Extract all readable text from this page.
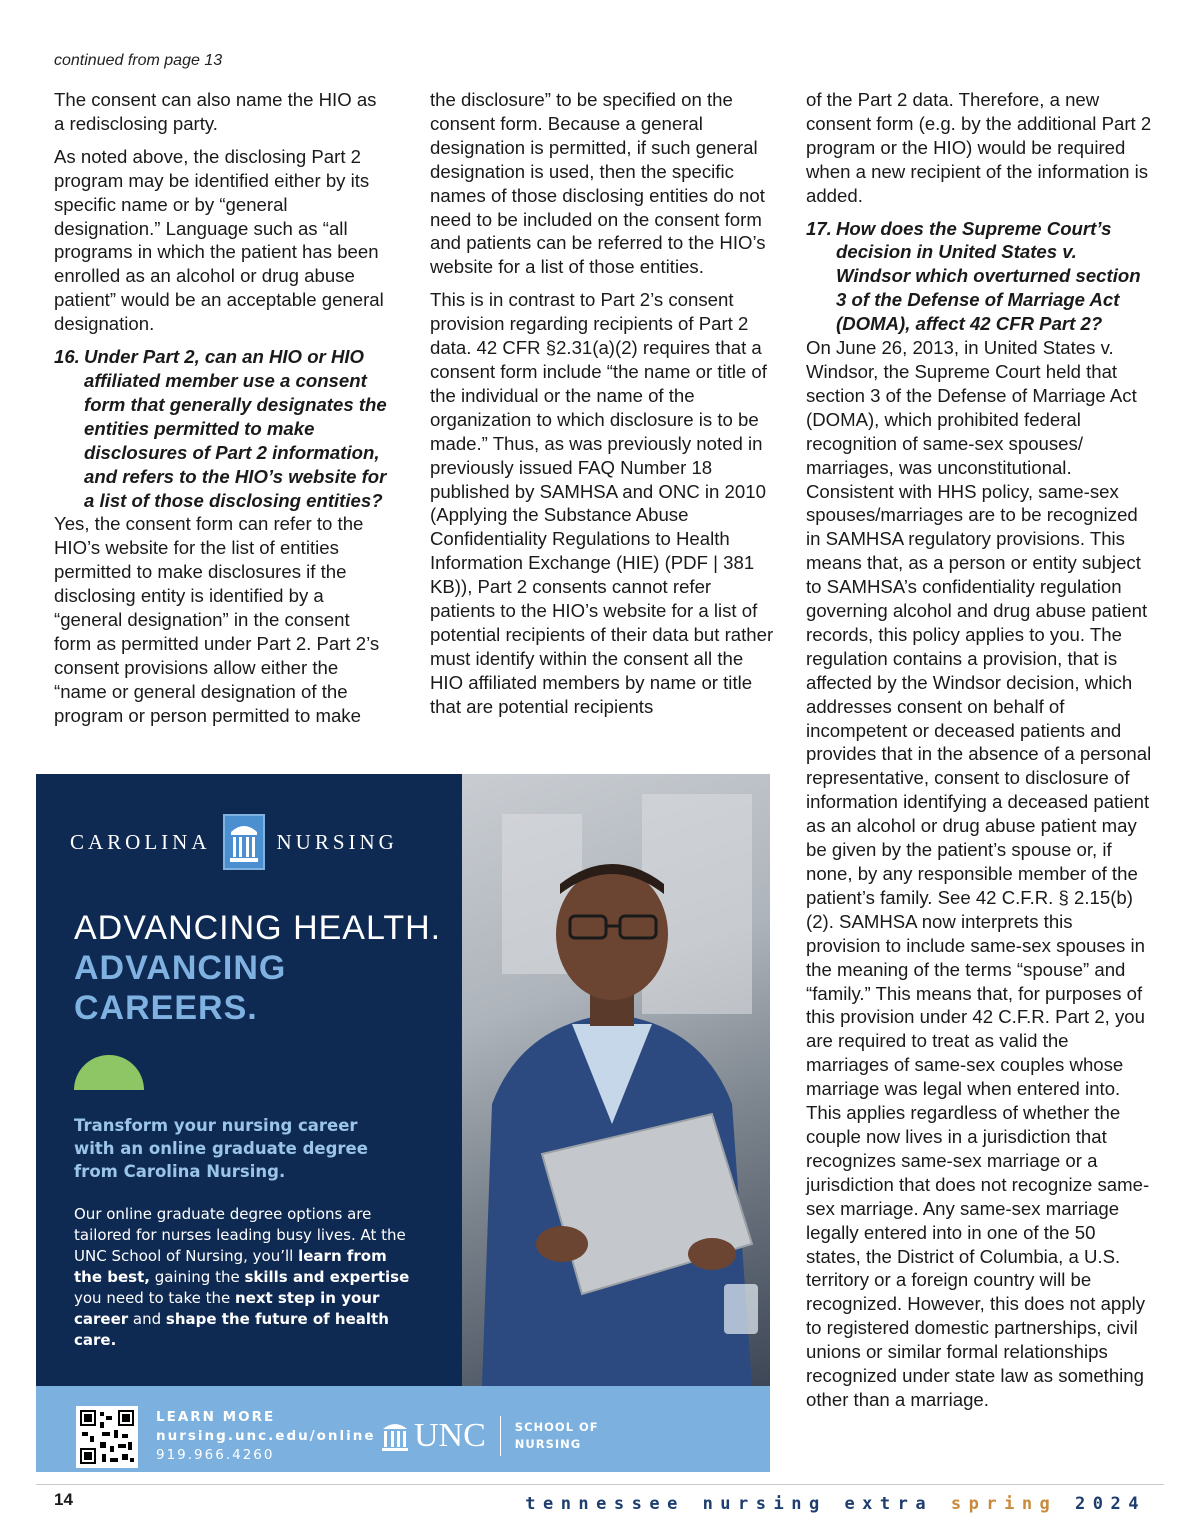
continued from page 13

The consent can also name the HIO as a redisclosing party.

As noted above, the disclosing Part 2 program may be identified either by its specific name or by “general designation.” Language such as “all programs in which the patient has been enrolled as an alcohol or drug abuse patient” would be an acceptable general designation.

16. Under Part 2, can an HIO or HIO affiliated member use a consent form that generally designates the entities permitted to make disclosures of Part 2 information, and refers to the HIO’s website for a list of those disclosing entities?

Yes, the consent form can refer to the HIO’s website for the list of entities permitted to make disclosures if the disclosing entity is identified by a “general designation” in the consent form as permitted under Part 2. Part 2’s consent provisions allow either the “name or general designation of the program or person permitted to make

the disclosure” to be specified on the consent form. Because a general designation is permitted, if such general designation is used, then the specific names of those disclosing entities do not need to be included on the consent form and patients can be referred to the HIO’s website for a list of those entities.

This is in contrast to Part 2’s consent provision regarding recipients of Part 2 data. 42 CFR §2.31(a)(2) requires that a consent form include “the name or title of the individual or the name of the organization to which disclosure is to be made.” Thus, as was previously noted in previously issued FAQ Number 18 published by SAMHSA and ONC in 2010 (Applying the Substance Abuse Confidentiality Regulations to Health Information Exchange (HIE) (PDF | 381 KB)), Part 2 consents cannot refer patients to the HIO’s website for a list of potential recipients of their data but rather must identify within the consent all the HIO affiliated members by name or title that are potential recipients

of the Part 2 data. Therefore, a new consent form (e.g. by the additional Part 2 program or the HIO) would be required when a new recipient of the information is added.

17. How does the Supreme Court’s decision in United States v. Windsor which overturned section 3 of the Defense of Marriage Act (DOMA), affect 42 CFR Part 2?

On June 26, 2013, in United States v. Windsor, the Supreme Court held that section 3 of the Defense of Marriage Act (DOMA), which prohibited federal recognition of same-sex spouses/ marriages, was unconstitutional. Consistent with HHS policy, same-sex spouses/marriages are to be recognized in SAMHSA regulatory provisions. This means that, as a person or entity subject to SAMHSA’s confidentiality regulation governing alcohol and drug abuse patient records, this policy applies to you. The regulation contains a provision, that is affected by the Windsor decision, which addresses consent on behalf of incompetent or deceased patients and provides that in the absence of a personal representative, consent to disclosure of information identifying a deceased patient as an alcohol or drug abuse patient may be given by the patient’s spouse or, if none, by any responsible member of the patient’s family. See 42 C.F.R. § 2.15(b)(2). SAMHSA now interprets this provision to include same-sex spouses in the meaning of the terms “spouse” and “family.” This means that, for purposes of this provision under 42 C.F.R. Part 2, you are required to treat as valid the marriages of same-sex couples whose marriage was legal when entered into. This applies regardless of whether the couple now lives in a jurisdiction that recognizes same-sex marriage or a jurisdiction that does not recognize same-sex marriage. Any same-sex marriage legally entered into in one of the 50 states, the District of Columbia, a U.S. territory or a foreign country will be recognized. However, this does not apply to registered domestic partnerships, civil unions or similar formal relationships recognized under state law as something other than a marriage.

CAROLINA	NURSING
ADVANCING HEALTH.
ADVANCING CAREERS.
Transform your nursing career with an online graduate degree from Carolina Nursing.
Our online graduate degree options are tailored for nurses leading busy lives. At the UNC School of Nursing, you’ll learn from the best, gaining the skills and expertise you need to take the next step in your career and shape the future of health care.
LEARN MORE
nursing.unc.edu/online
919.966.4260
UNC	SCHOOL OF
NURSING
14	tennessee nursing extra spring 2024
